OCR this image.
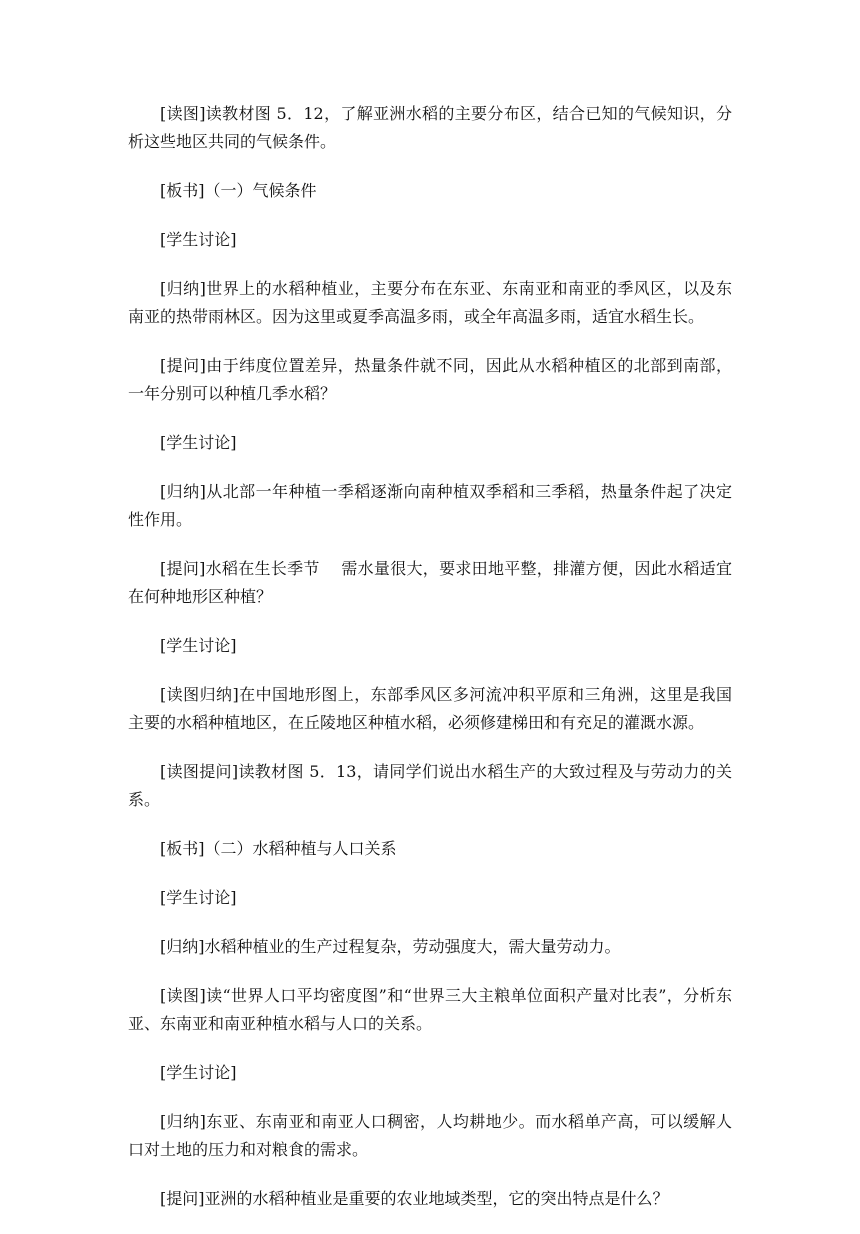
[读图]读教材图 5．12，了解亚洲水稻的主要分布区，结合已知的气候知识，分析这些地区共同的气候条件。

[板书]（一）气候条件

[学生讨论]

[归纳]世界上的水稻种植业，主要分布在东亚、东南亚和南亚的季风区，以及东南亚的热带雨林区。因为这里或夏季高温多雨，或全年高温多雨，适宜水稻生长。

[提问]由于纬度位置差异，热量条件就不同，因此从水稻种植区的北部到南部，一年分别可以种植几季水稻？

[学生讨论]

[归纳]从北部一年种植一季稻逐渐向南种植双季稻和三季稻，热量条件起了决定性作用。

[提问]水稻在生长季节　 需水量很大，要求田地平整，排灌方便，因此水稻适宜在何种地形区种植？

[学生讨论]

[读图归纳]在中国地形图上，东部季风区多河流冲积平原和三角洲，这里是我国主要的水稻种植地区，在丘陵地区种植水稻，必须修建梯田和有充足的灌溉水源。

[读图提问]读教材图 5．13，请同学们说出水稻生产的大致过程及与劳动力的关系。

[板书]（二）水稻种植与人口关系

[学生讨论]

[归纳]水稻种植业的生产过程复杂，劳动强度大，需大量劳动力。

[读图]读“世界人口平均密度图”和“世界三大主粮单位面积产量对比表”，分析东亚、东南亚和南亚种植水稻与人口的关系。

[学生讨论]

[归纳]东亚、东南亚和南亚人口稠密，人均耕地少。而水稻单产高，可以缓解人口对土地的压力和对粮食的需求。

[提问]亚洲的水稻种植业是重要的农业地域类型，它的突出特点是什么？
